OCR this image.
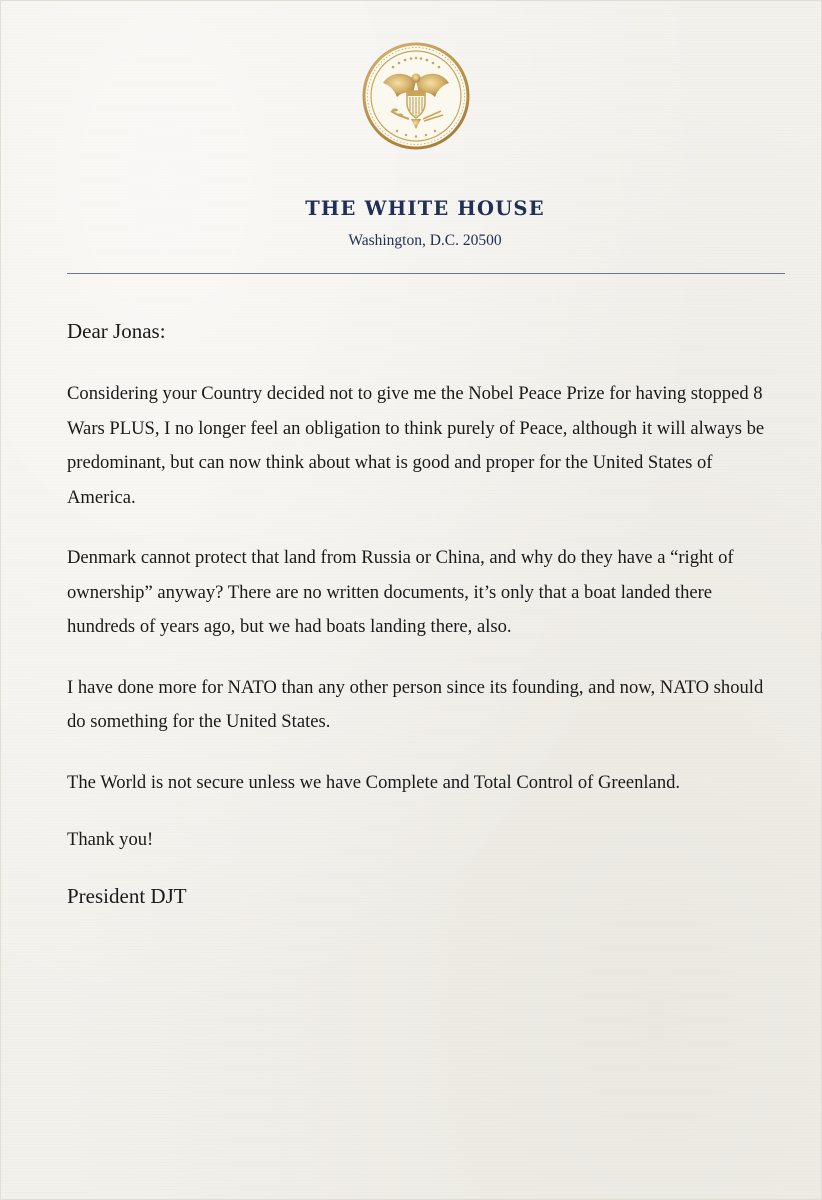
THE WHITE HOUSE
Washington, D.C. 20500

Dear Jonas:

Considering your Country decided not to give me the Nobel Peace Prize for having stopped 8 Wars PLUS, I no longer feel an obligation to think purely of Peace, although it will always be predominant, but can now think about what is good and proper for the United States of America.

Denmark cannot protect that land from Russia or China, and why do they have a “right of ownership” anyway? There are no written documents, it’s only that a boat landed there hundreds of years ago, but we had boats landing there, also.

I have done more for NATO than any other person since its founding, and now, NATO should do something for the United States.

The World is not secure unless we have Complete and Total Control of Greenland.

Thank you!

President DJT
